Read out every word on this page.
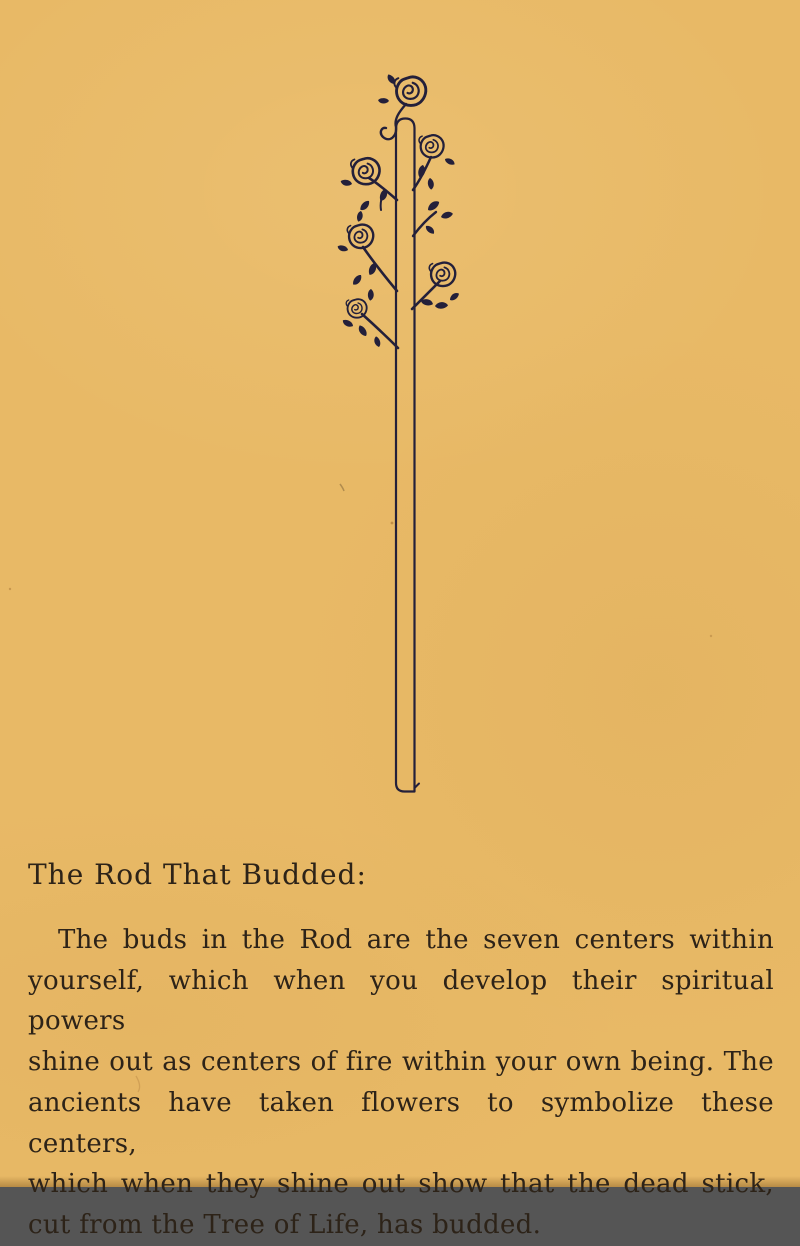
The Rod That Budded:
The buds in the Rod are the seven centers within
yourself, which when you develop their spiritual powers
shine out as centers of fire within your own being. The
ancients have taken flowers to symbolize these centers,
which when they shine out show that the dead stick,
cut from the Tree of Life, has budded.
